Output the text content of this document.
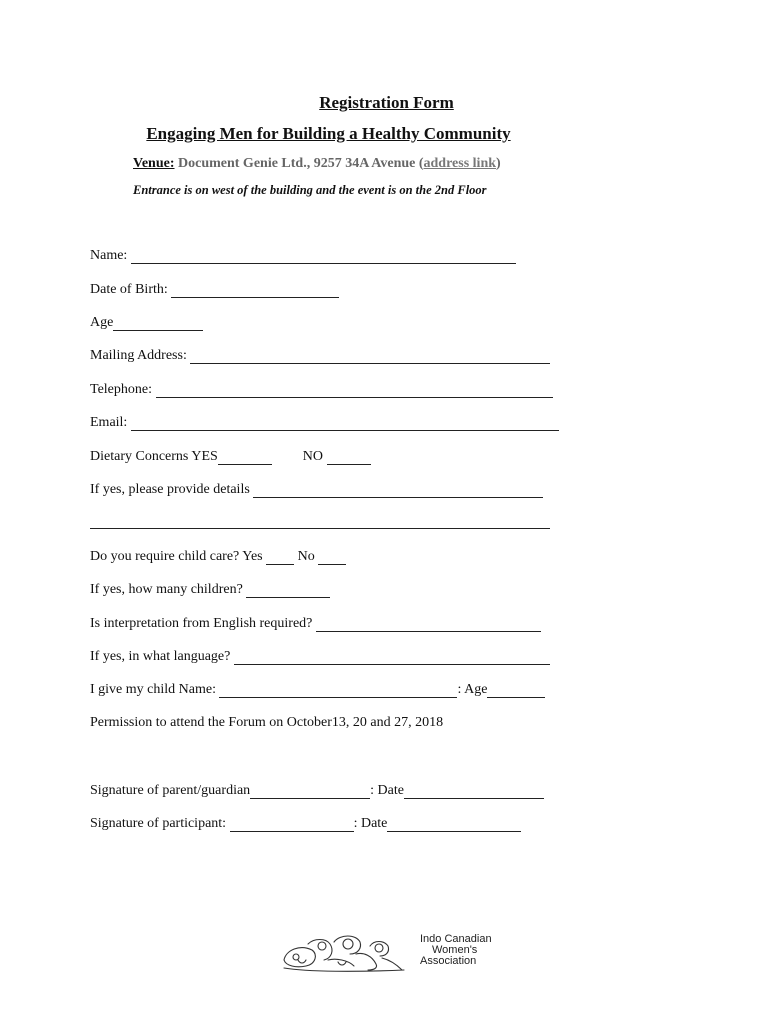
Registration Form
Engaging Men for Building a Healthy Community
Venue: Document Genie Ltd., 9257 34A Avenue (address link)
Entrance is on west of the building and the event is on the 2nd Floor
Name:
Date of Birth:
Age
Mailing Address:
Telephone:
Email:
Dietary Concerns YES	NO
If yes, please provide details
Do you require child care? Yes	No
If yes, how many children?
Is interpretation from English required?
If yes, in what language?
I give my child Name:	: Age
Permission to attend the Forum on October13, 20 and 27, 2018
Signature of parent/guardian	: Date
Signature of participant:	: Date
Indo Canadian
Women's
Association
